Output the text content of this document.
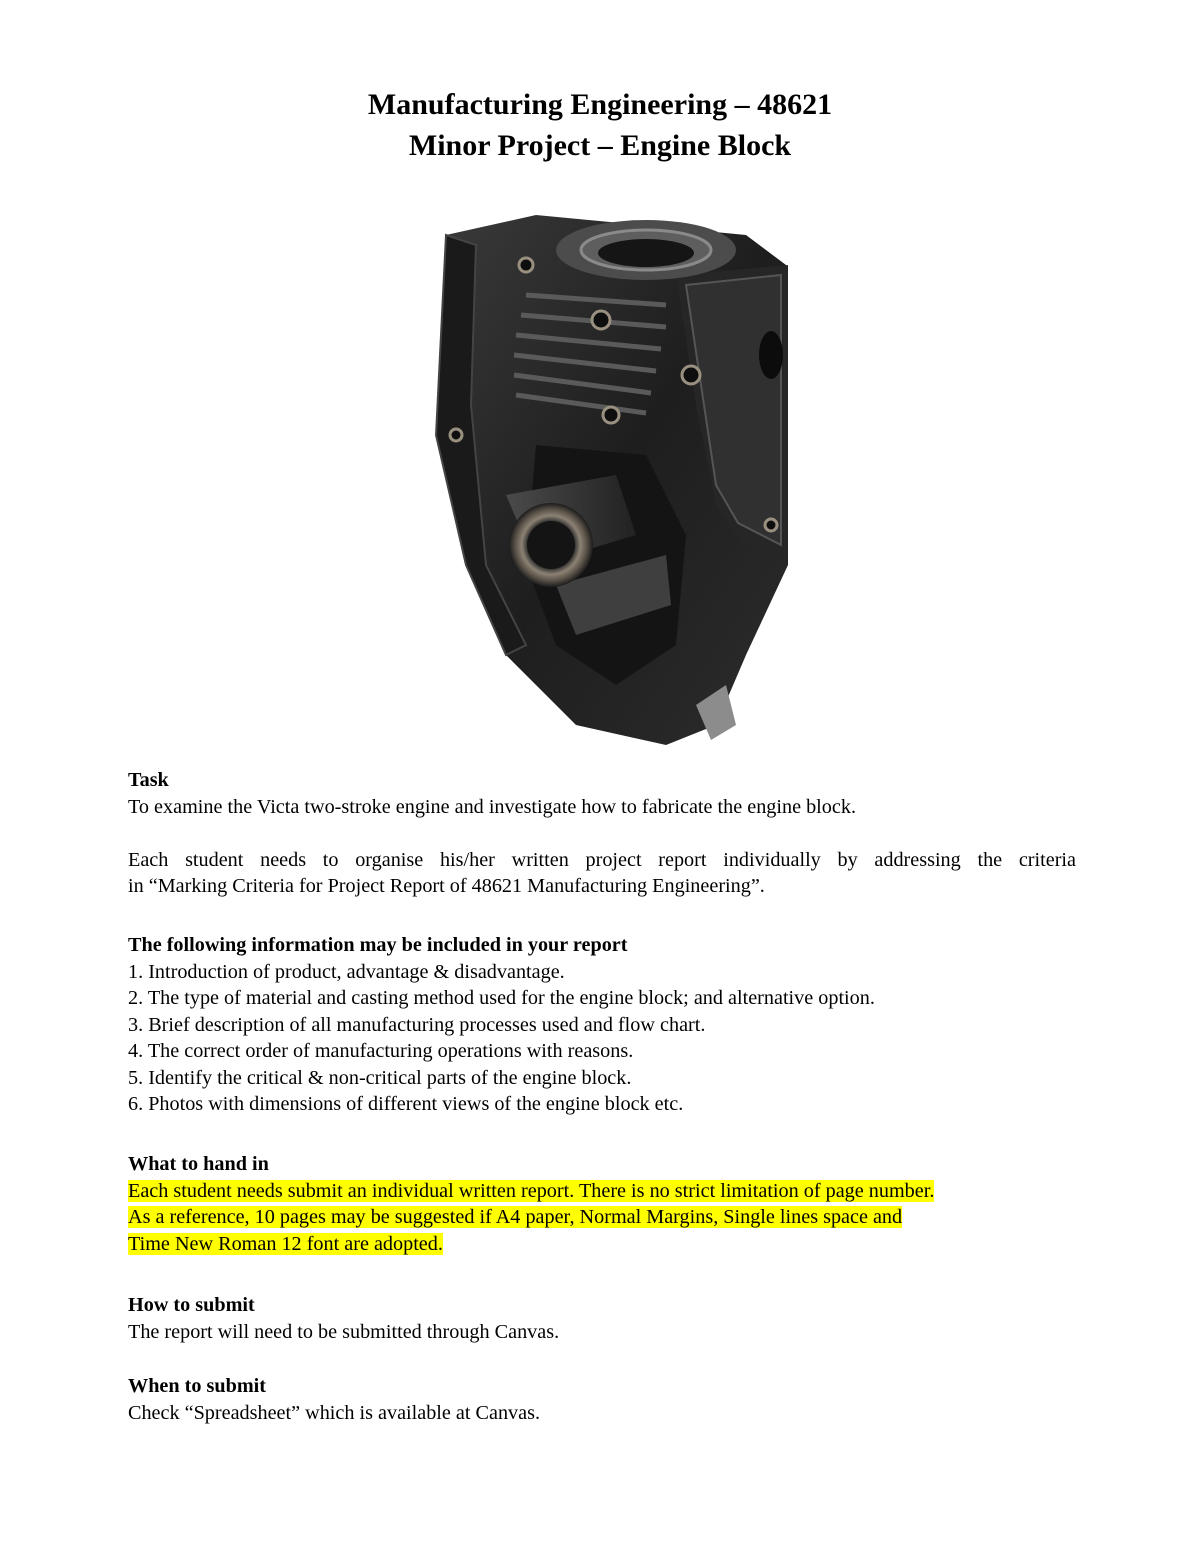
Manufacturing Engineering – 48621
Minor Project – Engine Block
Task
To examine the Victa two-stroke engine and investigate how to fabricate the engine block.
Each student needs to organise his/her written project report individually by addressing the criteria
in “Marking Criteria for Project Report of 48621 Manufacturing Engineering”.
The following information may be included in your report
1. Introduction of product, advantage & disadvantage.
2. The type of material and casting method used for the engine block; and alternative option.
3. Brief description of all manufacturing processes used and flow chart.
4. The correct order of manufacturing operations with reasons.
5. Identify the critical & non-critical parts of the engine block.
6. Photos with dimensions of different views of the engine block etc.
What to hand in
Each student needs submit an individual written report. There is no strict limitation of page number.
As a reference, 10 pages may be suggested if A4 paper, Normal Margins, Single lines space and
Time New Roman 12 font are adopted.
How to submit
The report will need to be submitted through Canvas.
When to submit
Check “Spreadsheet” which is available at Canvas.
